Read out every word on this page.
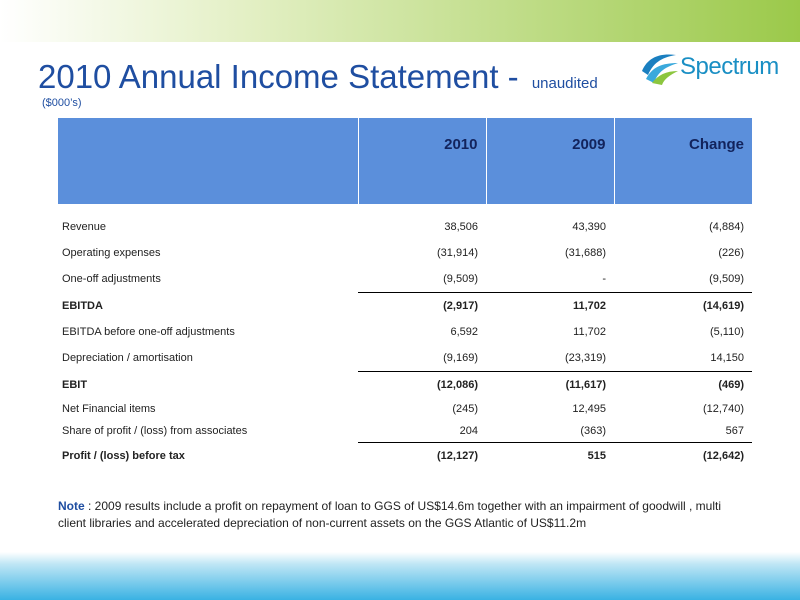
2010 Annual Income Statement - unaudited
($000’s)
Spectrum
	2010	2009	Change
Revenue	38,506	43,390	(4,884)
Operating expenses	(31,914)	(31,688)	(226)
One-off adjustments	(9,509)	-	(9,509)
EBITDA	(2,917)	11,702	(14,619)
EBITDA before one-off adjustments	6,592	11,702	(5,110)
Depreciation / amortisation	(9,169)	(23,319)	14,150
EBIT	(12,086)	(11,617)	(469)
Net Financial items	(245)	12,495	(12,740)
Share of profit / (loss) from associates	204	(363)	567
Profit / (loss) before tax	(12,127)	515	(12,642)
Note : 2009 results include a profit on repayment of loan to GGS of US$14.6m together with an impairment of goodwill , multi client libraries and accelerated depreciation of non-current assets on the GGS Atlantic of US$11.2m
